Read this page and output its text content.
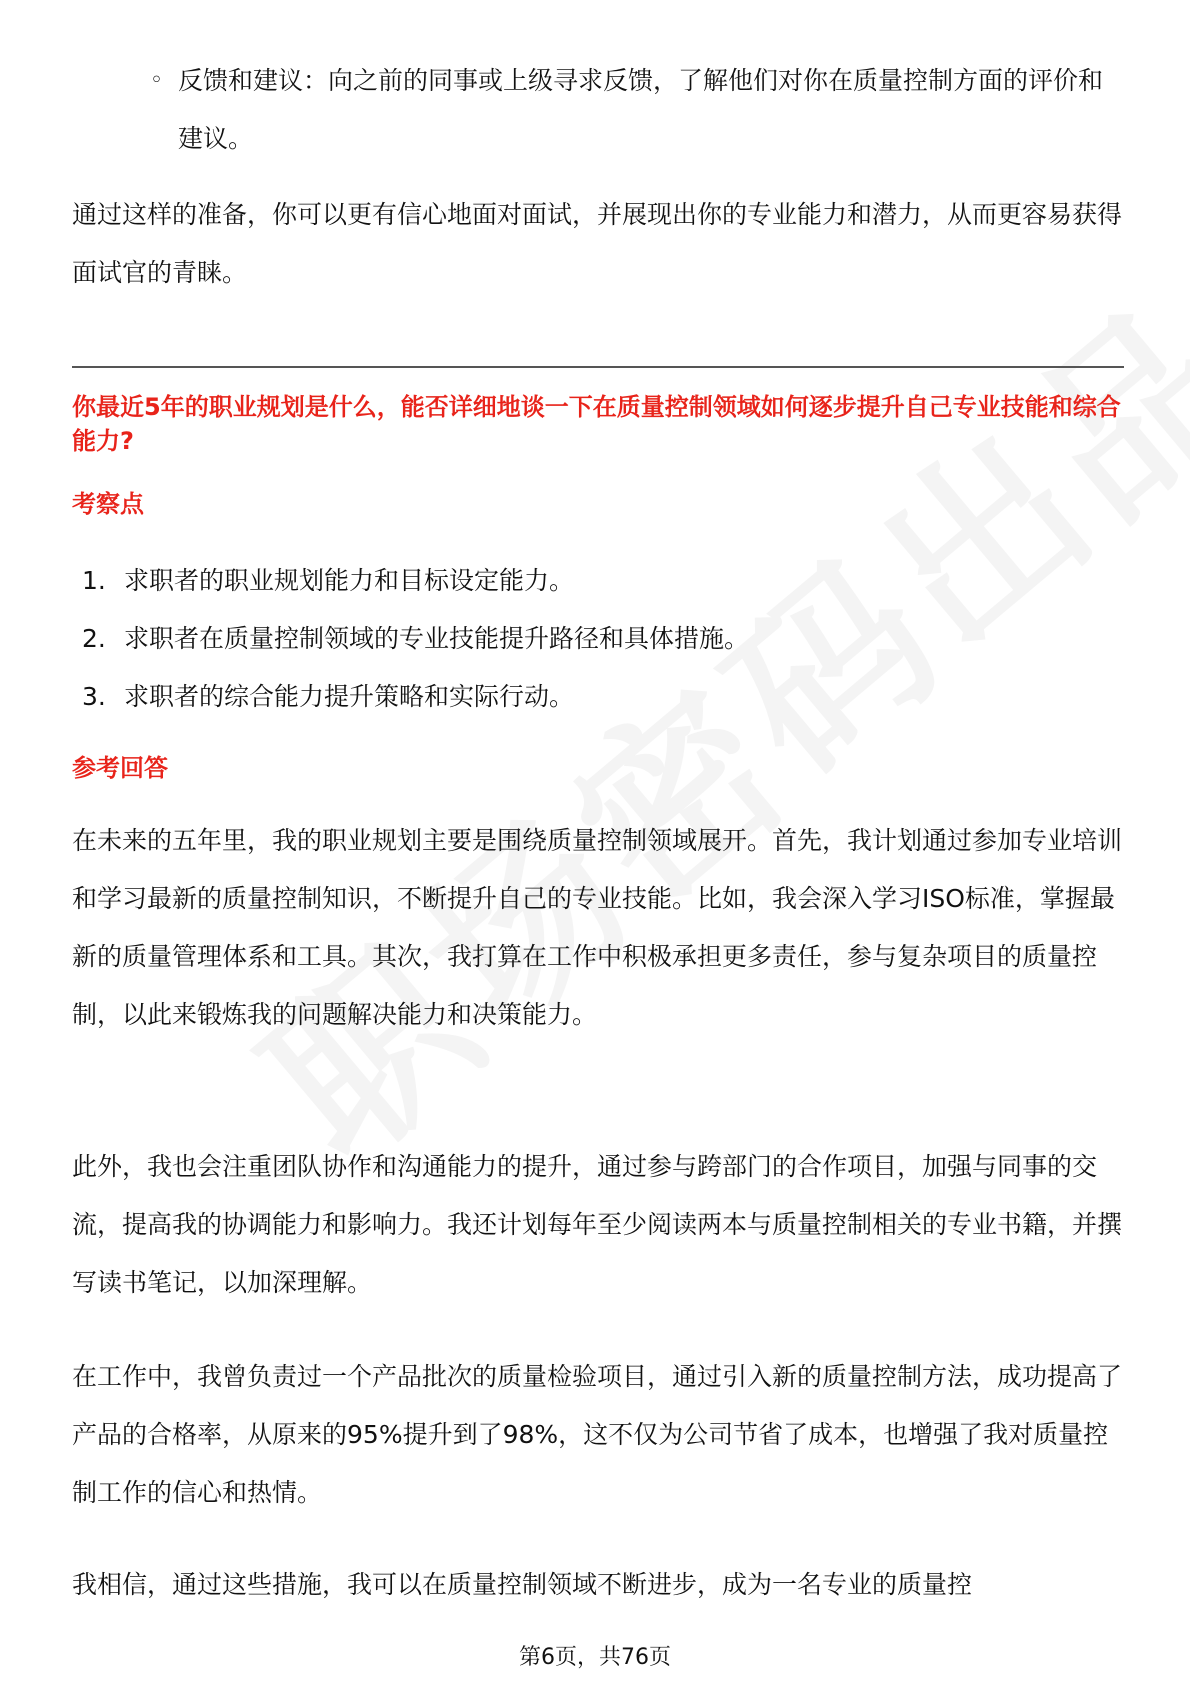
◦ 反馈和建议：向之前的同事或上级寻求反馈，了解他们对你在质量控制方面的评价和建议。
通过这样的准备，你可以更有信心地面对面试，并展现出你的专业能力和潜力，从而更容易获得面试官的青睐。
你最近5年的职业规划是什么，能否详细地谈一下在质量控制领域如何逐步提升自己专业技能和综合能力?
考察点
1. 求职者的职业规划能力和目标设定能力。
2. 求职者在质量控制领域的专业技能提升路径和具体措施。
3. 求职者的综合能力提升策略和实际行动。
参考回答
在未来的五年里，我的职业规划主要是围绕质量控制领域展开。首先，我计划通过参加专业培训和学习最新的质量控制知识，不断提升自己的专业技能。比如，我会深入学习ISO标准，掌握最新的质量管理体系和工具。其次，我打算在工作中积极承担更多责任，参与复杂项目的质量控制，以此来锻炼我的问题解决能力和决策能力。
此外，我也会注重团队协作和沟通能力的提升，通过参与跨部门的合作项目，加强与同事的交流，提高我的协调能力和影响力。我还计划每年至少阅读两本与质量控制相关的专业书籍，并撰写读书笔记，以加深理解。
在工作中，我曾负责过一个产品批次的质量检验项目，通过引入新的质量控制方法，成功提高了产品的合格率，从原来的95%提升到了98%，这不仅为公司节省了成本，也增强了我对质量控制工作的信心和热情。
我相信，通过这些措施，我可以在质量控制领域不断进步，成为一名专业的质量控
第6页，共76页
